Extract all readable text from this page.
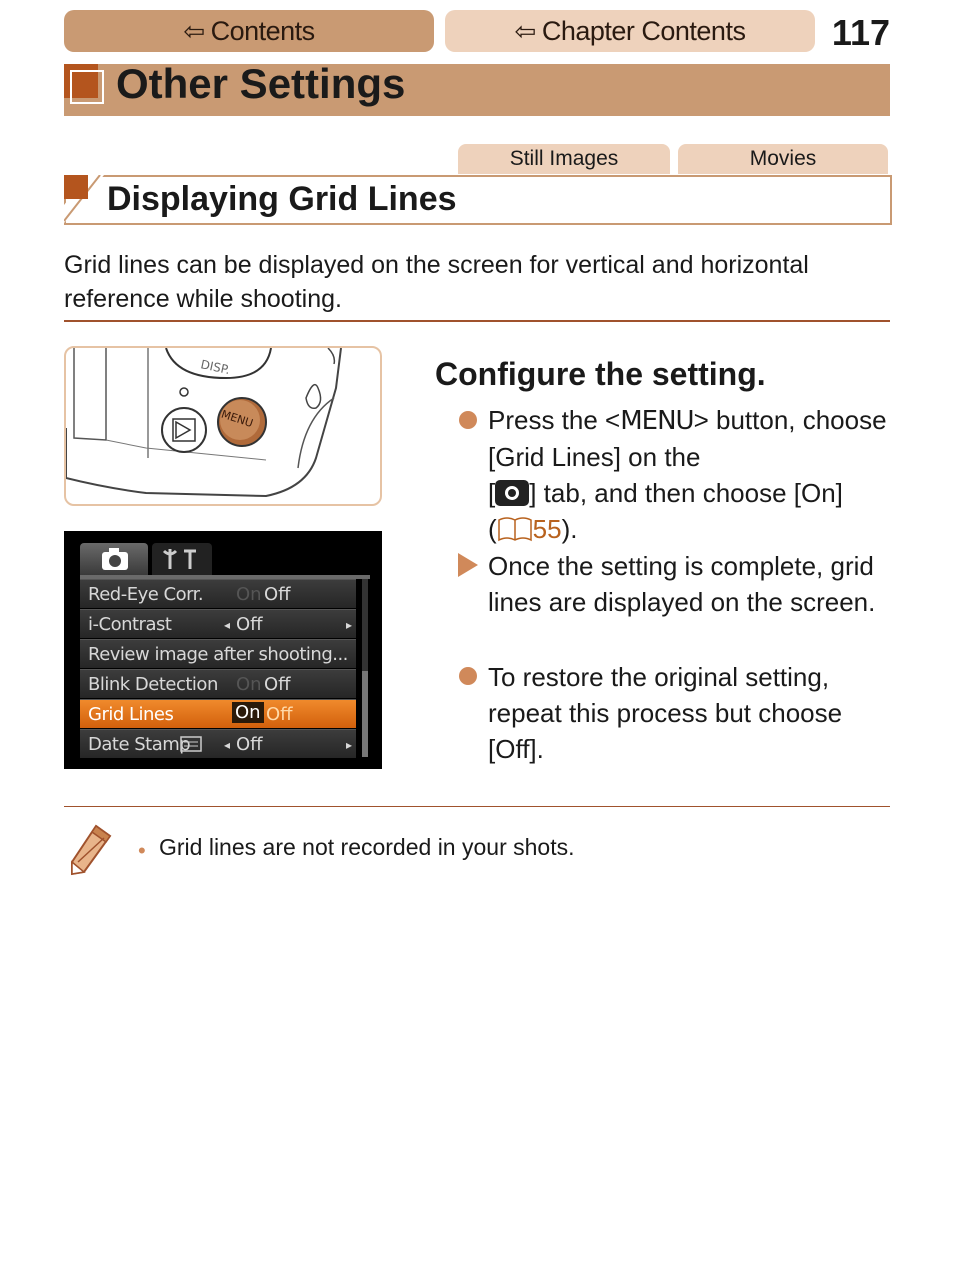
⇦ Contents	⇦ Chapter Contents 117
Other Settings
Still Images	Movies
Displaying Grid Lines
Grid lines can be displayed on the screen for vertical and horizontal reference while shooting.
DISP.
MENU
Red-Eye Corr. On Off
i-Contrast	◂ Off	▸
Review image after shooting...
Blink Detection On Off
Grid Lines	On Off
Date Stamp	◂ Off	▸
Configure the setting.
Press the <MENU> button, choose [Grid Lines] on the
[ ] tab, and then choose [On]
( 55).
Once the setting is complete, grid lines are displayed on the screen.
To restore the original setting, repeat this process but choose [Off].
• Grid lines are not recorded in your shots.
